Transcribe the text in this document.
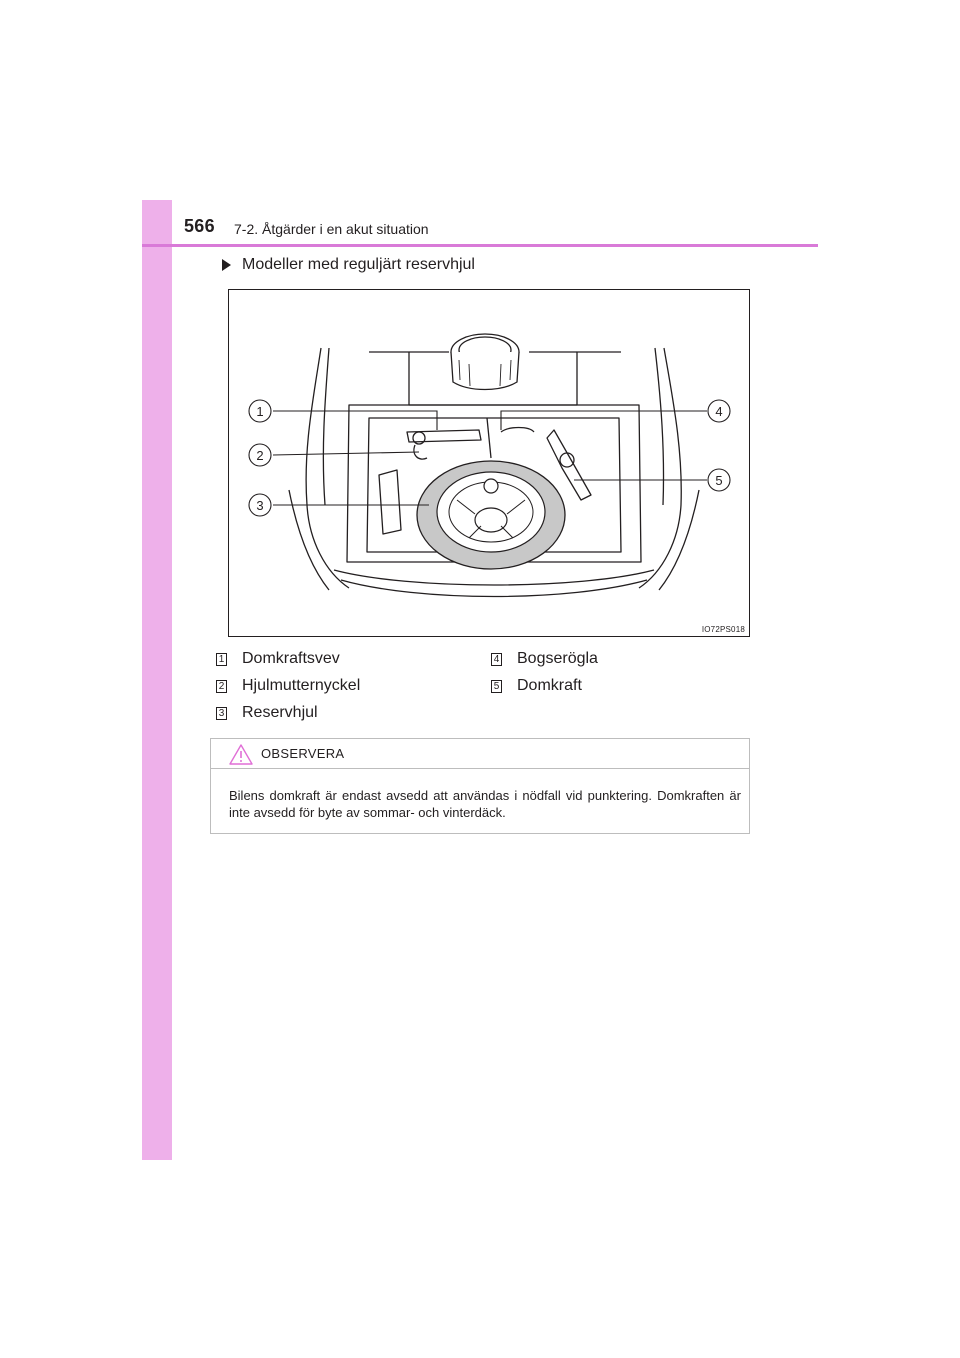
566 7-2. Åtgärder i en akut situation
Modeller med reguljärt reservhjul
1
2
3
4
5
IO72PS018
1 Domkraftsvev
2 Hjulmutternyckel
3 Reservhjul
4 Bogserögla
5 Domkraft
OBSERVERA
Bilens domkraft är endast avsedd att användas i nödfall vid punktering. Domkraften är inte avsedd för byte av sommar- och vinterdäck.
